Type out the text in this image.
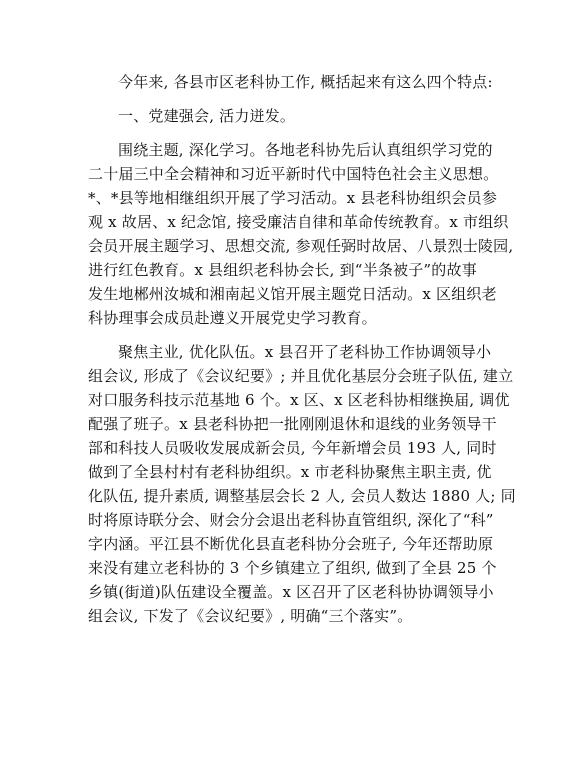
今年来, 各县市区老科协工作, 概括起来有这么四个特点:
一、党建强会, 活力迸发。
围绕主题, 深化学习。各地老科协先后认真组织学习党的
二十届三中全会精神和习近平新时代中国特色社会主义思想。
*、*县等地相继组织开展了学习活动。x 县老科协组织会员参
观 x 故居、x 纪念馆, 接受廉洁自律和革命传统教育。x 市组织
会员开展主题学习、思想交流, 参观任弼时故居、八景烈士陵园,
进行红色教育。x 县组织老科协会长, 到“半条被子”的故事
发生地郴州汝城和湘南起义馆开展主题党日活动。x 区组织老
科协理事会成员赴遵义开展党史学习教育。
聚焦主业, 优化队伍。x 县召开了老科协工作协调领导小
组会议, 形成了《会议纪要》; 并且优化基层分会班子队伍, 建立
对口服务科技示范基地 6 个。x 区、x 区老科协相继换届, 调优
配强了班子。x 县老科协把一批刚刚退休和退线的业务领导干
部和科技人员吸收发展成新会员, 今年新增会员 193 人, 同时
做到了全县村村有老科协组织。x 市老科协聚焦主职主责, 优
化队伍, 提升素质, 调整基层会长 2 人, 会员人数达 1880 人; 同
时将原诗联分会、财会分会退出老科协直管组织, 深化了“科”
字内涵。平江县不断优化县直老科协分会班子, 今年还帮助原
来没有建立老科协的 3 个乡镇建立了组织, 做到了全县 25 个
乡镇(街道)队伍建设全覆盖。x 区召开了区老科协协调领导小
组会议, 下发了《会议纪要》, 明确“三个落实”。
